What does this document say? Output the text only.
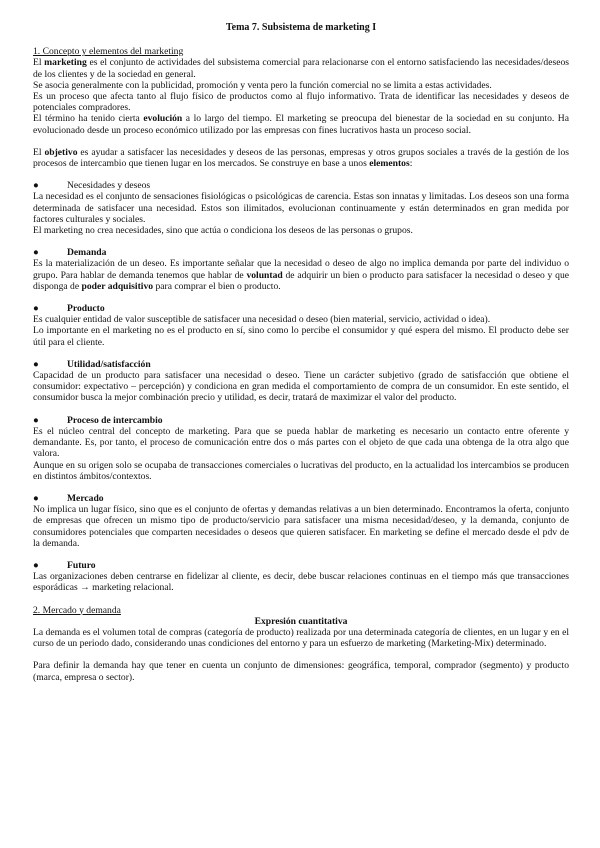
Tema 7. Subsistema de marketing I

1. Concepto y elementos del marketing

El marketing es el conjunto de actividades del subsistema comercial para relacionarse con el entorno satisfaciendo las necesidades/deseos de los clientes y de la sociedad en general.

Se asocia generalmente con la publicidad, promoción y venta pero la función comercial no se limita a estas actividades.

Es un proceso que afecta tanto al flujo físico de productos como al flujo informativo. Trata de identificar las necesidades y deseos de potenciales compradores.

El término ha tenido cierta evolución a lo largo del tiempo. El marketing se preocupa del bienestar de la sociedad en su conjunto. Ha evolucionado desde un proceso económico utilizado por las empresas con fines lucrativos hasta un proceso social.

El objetivo es ayudar a satisfacer las necesidades y deseos de las personas, empresas y otros grupos sociales a través de la gestión de los procesos de intercambio que tienen lugar en los mercados. Se construye en base a unos elementos:

●	Necesidades y deseos

La necesidad es el conjunto de sensaciones fisiológicas o psicológicas de carencia. Estas son innatas y limitadas. Los deseos son una forma determinada de satisfacer una necesidad. Estos son ilimitados, evolucionan continuamente y están determinados en gran medida por factores culturales y sociales.

El marketing no crea necesidades, sino que actúa o condiciona los deseos de las personas o grupos.

●	Demanda

Es la materialización de un deseo. Es importante señalar que la necesidad o deseo de algo no implica demanda por parte del individuo o grupo. Para hablar de demanda tenemos que hablar de voluntad de adquirir un bien o producto para satisfacer la necesidad o deseo y que disponga de poder adquisitivo para comprar el bien o producto.

●	Producto

Es cualquier entidad de valor susceptible de satisfacer una necesidad o deseo (bien material, servicio, actividad o idea).

Lo importante en el marketing no es el producto en sí, sino como lo percibe el consumidor y qué espera del mismo. El producto debe ser útil para el cliente.

●	Utilidad/satisfacción

Capacidad de un producto para satisfacer una necesidad o deseo. Tiene un carácter subjetivo (grado de satisfacción que obtiene el consumidor: expectativo – percepción) y condiciona en gran medida el comportamiento de compra de un consumidor. En este sentido, el consumidor busca la mejor combinación precio y utilidad, es decir, tratará de maximizar el valor del producto.

●	Proceso de intercambio

Es el núcleo central del concepto de marketing. Para que se pueda hablar de marketing es necesario un contacto entre oferente y demandante. Es, por tanto, el proceso de comunicación entre dos o más partes con el objeto de que cada una obtenga de la otra algo que valora.

Aunque en su origen solo se ocupaba de transacciones comerciales o lucrativas del producto, en la actualidad los intercambios se producen en distintos ámbitos/contextos.

●	Mercado

No implica un lugar físico, sino que es el conjunto de ofertas y demandas relativas a un bien determinado. Encontramos la oferta, conjunto de empresas que ofrecen un mismo tipo de producto/servicio para satisfacer una misma necesidad/deseo, y la demanda, conjunto de consumidores potenciales que comparten necesidades o deseos que quieren satisfacer. En marketing se define el mercado desde el pdv de la demanda.

●	Futuro

Las organizaciones deben centrarse en fidelizar al cliente, es decir, debe buscar relaciones continuas en el tiempo más que transacciones esporádicas → marketing relacional.

2. Mercado y demanda

Expresión cuantitativa

La demanda es el volumen total de compras (categoría de producto) realizada por una determinada categoría de clientes, en un lugar y en el curso de un periodo dado, considerando unas condiciones del entorno y para un esfuerzo de marketing (Marketing-Mix) determinado.

Para definir la demanda hay que tener en cuenta un conjunto de dimensiones: geográfica, temporal, comprador (segmento) y producto (marca, empresa o sector).
